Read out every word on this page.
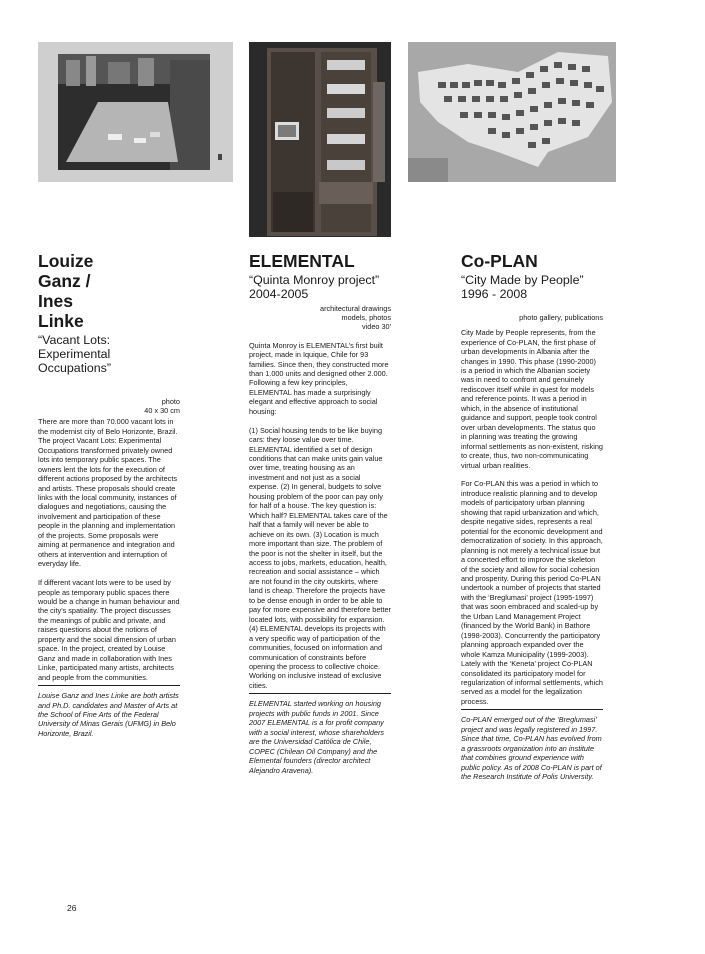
Louize Ganz / Ines Linke
“Vacant Lots: Experimental Occupations”
photo
40 x 30 cm

There are more than 70.000 vacant lots in the modernist city of Belo Horizonte, Brazil. The project Vacant Lots: Experimental Occupations transformed privately owned lots into temporary public spaces. The owners lent the lots for the execution of different actions proposed by the architects and artists. These proposals should create links with the local community, instances of dialogues and negotiations, causing the involvement and participation of these people in the planning and implementation of the projects. Some proposals were aiming at permanence and integration and others at intervention and interruption of everyday life.

If different vacant lots were to be used by people as temporary public spaces there would be a change in human behaviour and the city’s spatiality. The project discusses the meanings of public and private, and raises questions about the notions of property and the social dimension of urban space. In the project, created by Louise Ganz and made in collaboration with Ines Linke, participated many artists, architects and people from the communities.

Louise Ganz and Ines Linke are both artists and Ph.D. candidates and Master of Arts at the School of Fine Arts of the Federal University of Minas Gerais (UFMG) in Belo Horizonte, Brazil.
ELEMENTAL
“Quinta Monroy project” 2004-2005
architectural drawings
models, photos
video 30'

Quinta Monroy is ELEMENTAL’s first built project, made in Iquique, Chile for 93 families. Since then, they constructed more than 1.000 units and designed other 2.000. Following a few key principles, ELEMENTAL has made a surprisingly elegant and effective approach to social housing:

(1) Social housing tends to be like buying cars: they loose value over time. ELEMENTAL identified a set of design conditions that can make units gain value over time, treating housing as an investment and not just as a social expense. (2) In general, budgets to solve housing problem of the poor can pay only for half of a house. The key question is: Which half? ELEMENTAL takes care of the half that a family will never be able to achieve on its own. (3) Location is much more important than size. The problem of the poor is not the shelter in itself, but the access to jobs, markets, education, health, recreation and social assistance – which are not found in the city outskirts, where land is cheap. Therefore the projects have to be dense enough in order to be able to pay for more expensive and therefore better located lots, with possibility for expansion. (4) ELEMENTAL develops its projects with a very specific way of participation of the communities, focused on information and communication of constraints before opening the process to collective choice. Working on inclusive instead of exclusive cities.

ELEMENTAL started working on housing projects with public funds in 2001. Since 2007 ELEMENTAL is a for profit company with a social interest, whose shareholders are the Universidad Católica de Chile, COPEC (Chilean Oil Company) and the Elemental founders (director architect Alejandro Aravena).
Co-PLAN
“City Made by People” 1996 - 2008
photo gallery, publications

City Made by People represents, from the experience of Co-PLAN, the first phase of urban developments in Albania after the changes in 1990. This phase (1990-2000) is a period in which the Albanian society was in need to confront and genuinely rediscover itself while in quest for models and reference points. It was a period in which, in the absence of institutional guidance and support, people took control over urban developments. The status quo in planning was treating the growing informal settlements as non-existent, risking to create, thus, two non-communicating virtual urban realities.

For Co-PLAN this was a period in which to introduce realistic planning and to develop models of participatory urban planning showing that rapid urbanization and which, despite negative sides, represents a real potential for the economic development and democratization of society. In this approach, planning is not merely a technical issue but a concerted effort to improve the skeleton of the society and allow for social cohesion and prosperity. During this period Co-PLAN undertook a number of projects that started with the ‘Breglumasi’ project (1995-1997) that was soon embraced and scaled-up by the Urban Land Management Project (financed by the World Bank) in Bathore (1998-2003). Concurrently the participatory planning approach expanded over the whole Kamza Municipality (1999-2003). Lately with the ‘Keneta’ project Co-PLAN consolidated its participatory model for regularization of informal settlements, which served as a model for the legalization process.

Co-PLAN emerged out of the ‘Breglumasi’ project and was legally registered in 1997. Since that time, Co-PLAN has evolved from a grassroots organization into an institute that combines ground experience with public policy. As of 2008 Co-PLAN is part of the Research Institute of Polis University.
26
